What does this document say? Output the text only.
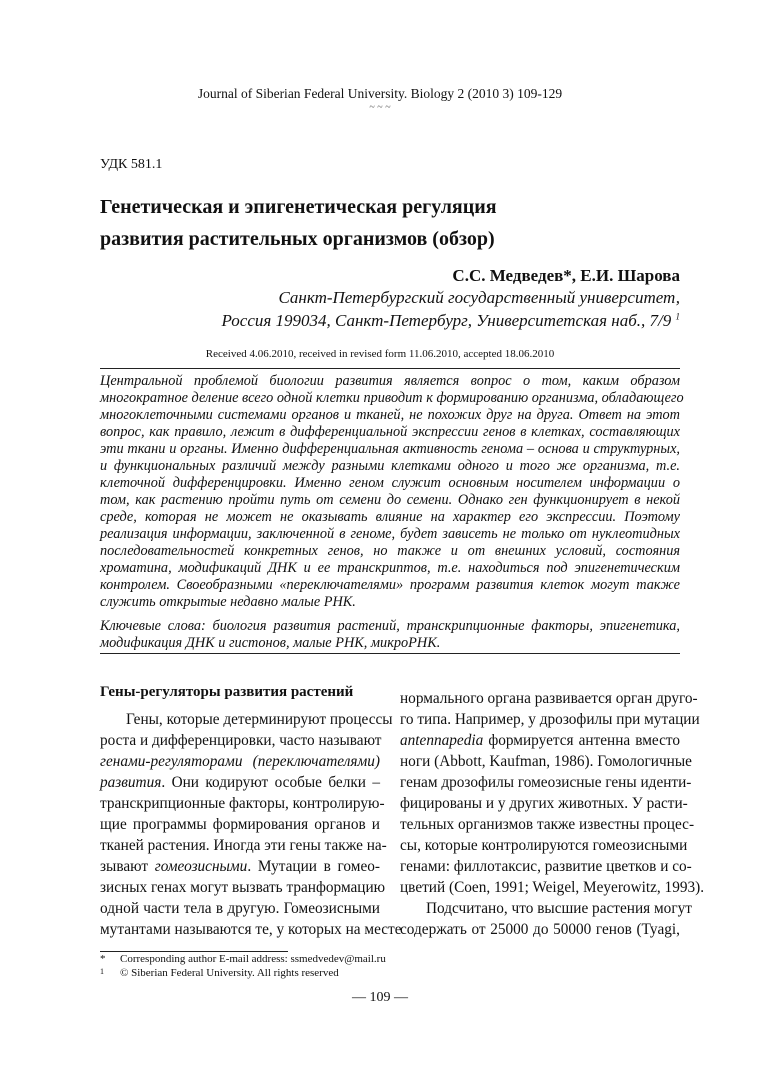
Journal of Siberian Federal University. Biology 2 (2010 3) 109-129
~ ~ ~
УДК 581.1
Генетическая и эпигенетическая регуляция
развития растительных организмов (обзор)
С.С. Медведев*, Е.И. Шарова
Санкт-Петербургский государственный университет,
Россия 199034, Санкт-Петербург, Университетская наб., 7/9 $^1$
Received 4.06.2010, received in revised form 11.06.2010, accepted 18.06.2010
Центральной проблемой биологии развития является вопрос о том, каким образом
многократное деление всего одной клетки приводит к формированию организма, обладающего
многоклеточными системами органов и тканей, не похожих друг на друга. Ответ на этот
вопрос, как правило, лежит в дифференциальной экспрессии генов в клетках, составляющих
эти ткани и органы. Именно дифференциальная активность генома – основа и структурных,
и функциональных различий между разными клетками одного и того же организма, т.е.
клеточной дифференцировки. Именно геном служит основным носителем информации о
том, как растению пройти путь от семени до семени. Однако ген функционирует в некой
среде, которая не может не оказывать влияние на характер его экспрессии. Поэтому
реализация информации, заключенной в геноме, будет зависеть не только от нуклеотидных
последовательностей конкретных генов, но также и от внешних условий, состояния
хроматина, модификаций ДНК и ее транскриптов, т.е. находиться под эпигенетическим
контролем. Своеобразными «переключателями» программ развития клеток могут также
служить открытые недавно малые РНК.
Ключевые слова: биология развития растений, транскрипционные факторы, эпигенетика,
модификация ДНК и гистонов, малые РНК, микроРНК.
Гены-регуляторы развития растений
Гены, которые детерминируют процессы
роста и дифференцировки, часто называют
генами-регуляторами (переключателями)
развития. Они кодируют особые белки –
транскрипционные факторы, контролирую-
щие программы формирования органов и
тканей растения. Иногда эти гены также на-
зывают гомеозисными. Мутации в гомео-
зисных генах могут вызвать транформацию
одной части тела в другую. Гомеозисными
мутантами называются те, у которых на месте
нормального органа развивается орган друго-
го типа. Например, у дрозофилы при мутации
antennapedia формируется антенна вместо
ноги (Abbott, Kaufman, 1986). Гомологичные
генам дрозофилы гомеозисные гены иденти-
фицированы и у других животных. У расти-
тельных организмов также известны процес-
сы, которые контролируются гомеозисными
генами: филлотаксис, развитие цветков и со-
цветий (Coen, 1991; Weigel, Meyerowitz, 1993).
Подсчитано, что высшие растения могут
содержать от 25000 до 50000 генов (Tyagi,
* Corresponding author E-mail address: ssmedvedev@mail.ru
1 © Siberian Federal University. All rights reserved
— 109 —
